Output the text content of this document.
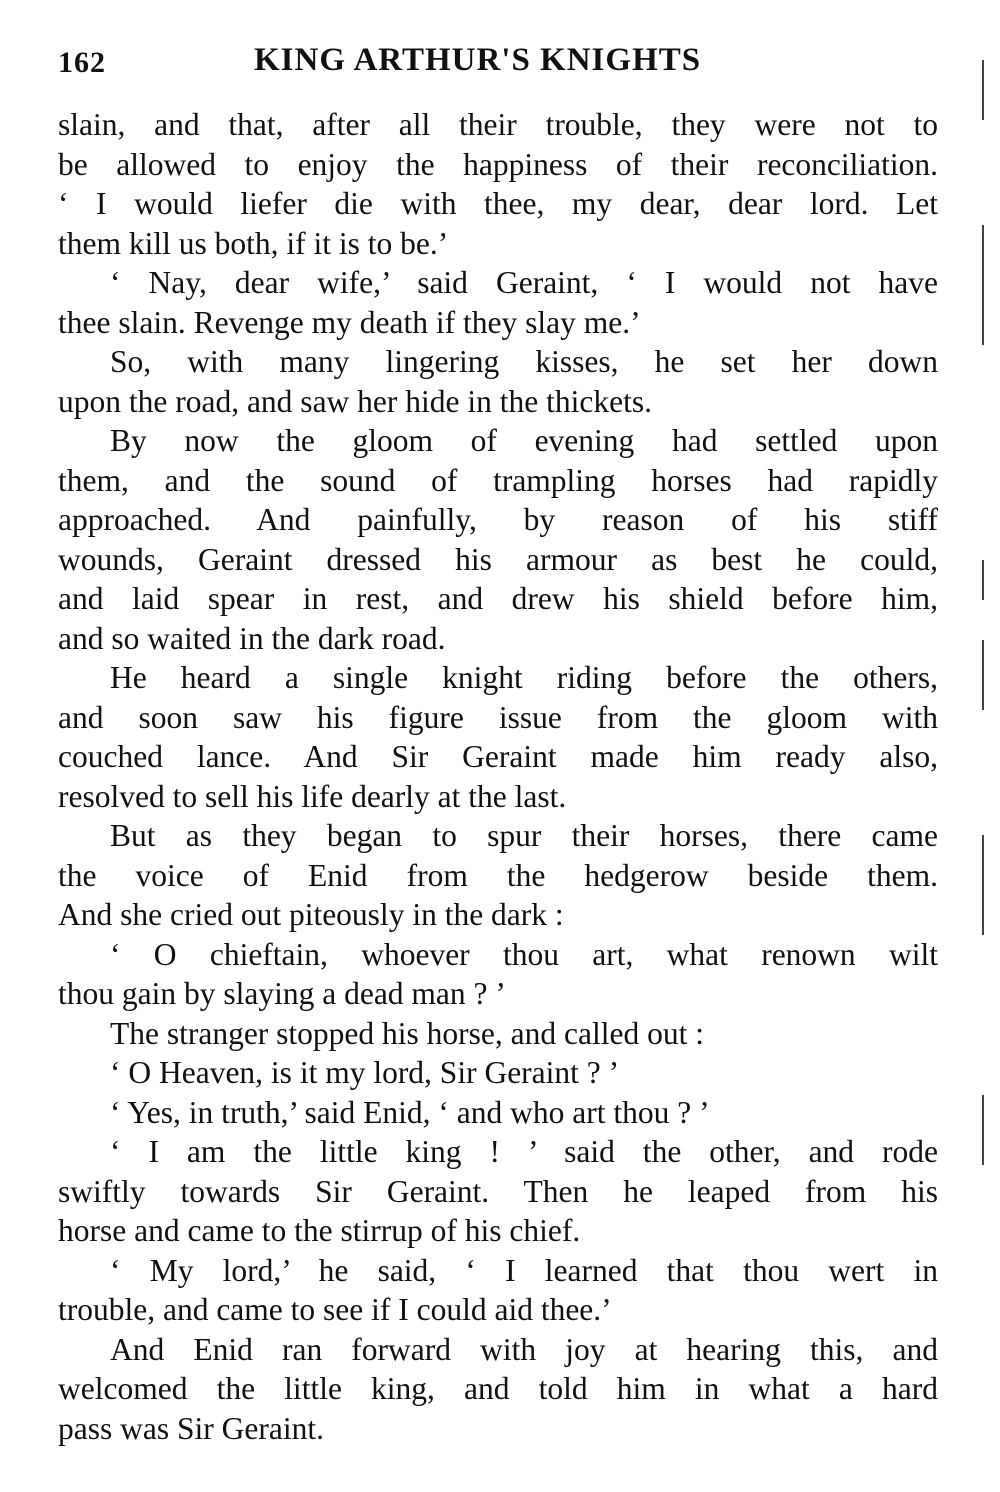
162	KING ARTHUR'S KNIGHTS
slain, and that, after all their trouble, they were not to
be allowed to enjoy the happiness of their reconciliation.
‘ I would liefer die with thee, my dear, dear lord. Let
them kill us both, if it is to be.’
‘ Nay, dear wife,’ said Geraint, ‘ I would not have
thee slain. Revenge my death if they slay me.’
So, with many lingering kisses, he set her down
upon the road, and saw her hide in the thickets.
By now the gloom of evening had settled upon
them, and the sound of trampling horses had rapidly
approached. And painfully, by reason of his stiff
wounds, Geraint dressed his armour as best he could,
and laid spear in rest, and drew his shield before him,
and so waited in the dark road.
He heard a single knight riding before the others,
and soon saw his figure issue from the gloom with
couched lance. And Sir Geraint made him ready also,
resolved to sell his life dearly at the last.
But as they began to spur their horses, there came
the voice of Enid from the hedgerow beside them.
And she cried out piteously in the dark :
‘ O chieftain, whoever thou art, what renown wilt
thou gain by slaying a dead man ? ’
The stranger stopped his horse, and called out :
‘ O Heaven, is it my lord, Sir Geraint ? ’
‘ Yes, in truth,’ said Enid, ‘ and who art thou ? ’
‘ I am the little king ! ’ said the other, and rode
swiftly towards Sir Geraint. Then he leaped from his
horse and came to the stirrup of his chief.
‘ My lord,’ he said, ‘ I learned that thou wert in
trouble, and came to see if I could aid thee.’
And Enid ran forward with joy at hearing this, and
welcomed the little king, and told him in what a hard
pass was Sir Geraint.
